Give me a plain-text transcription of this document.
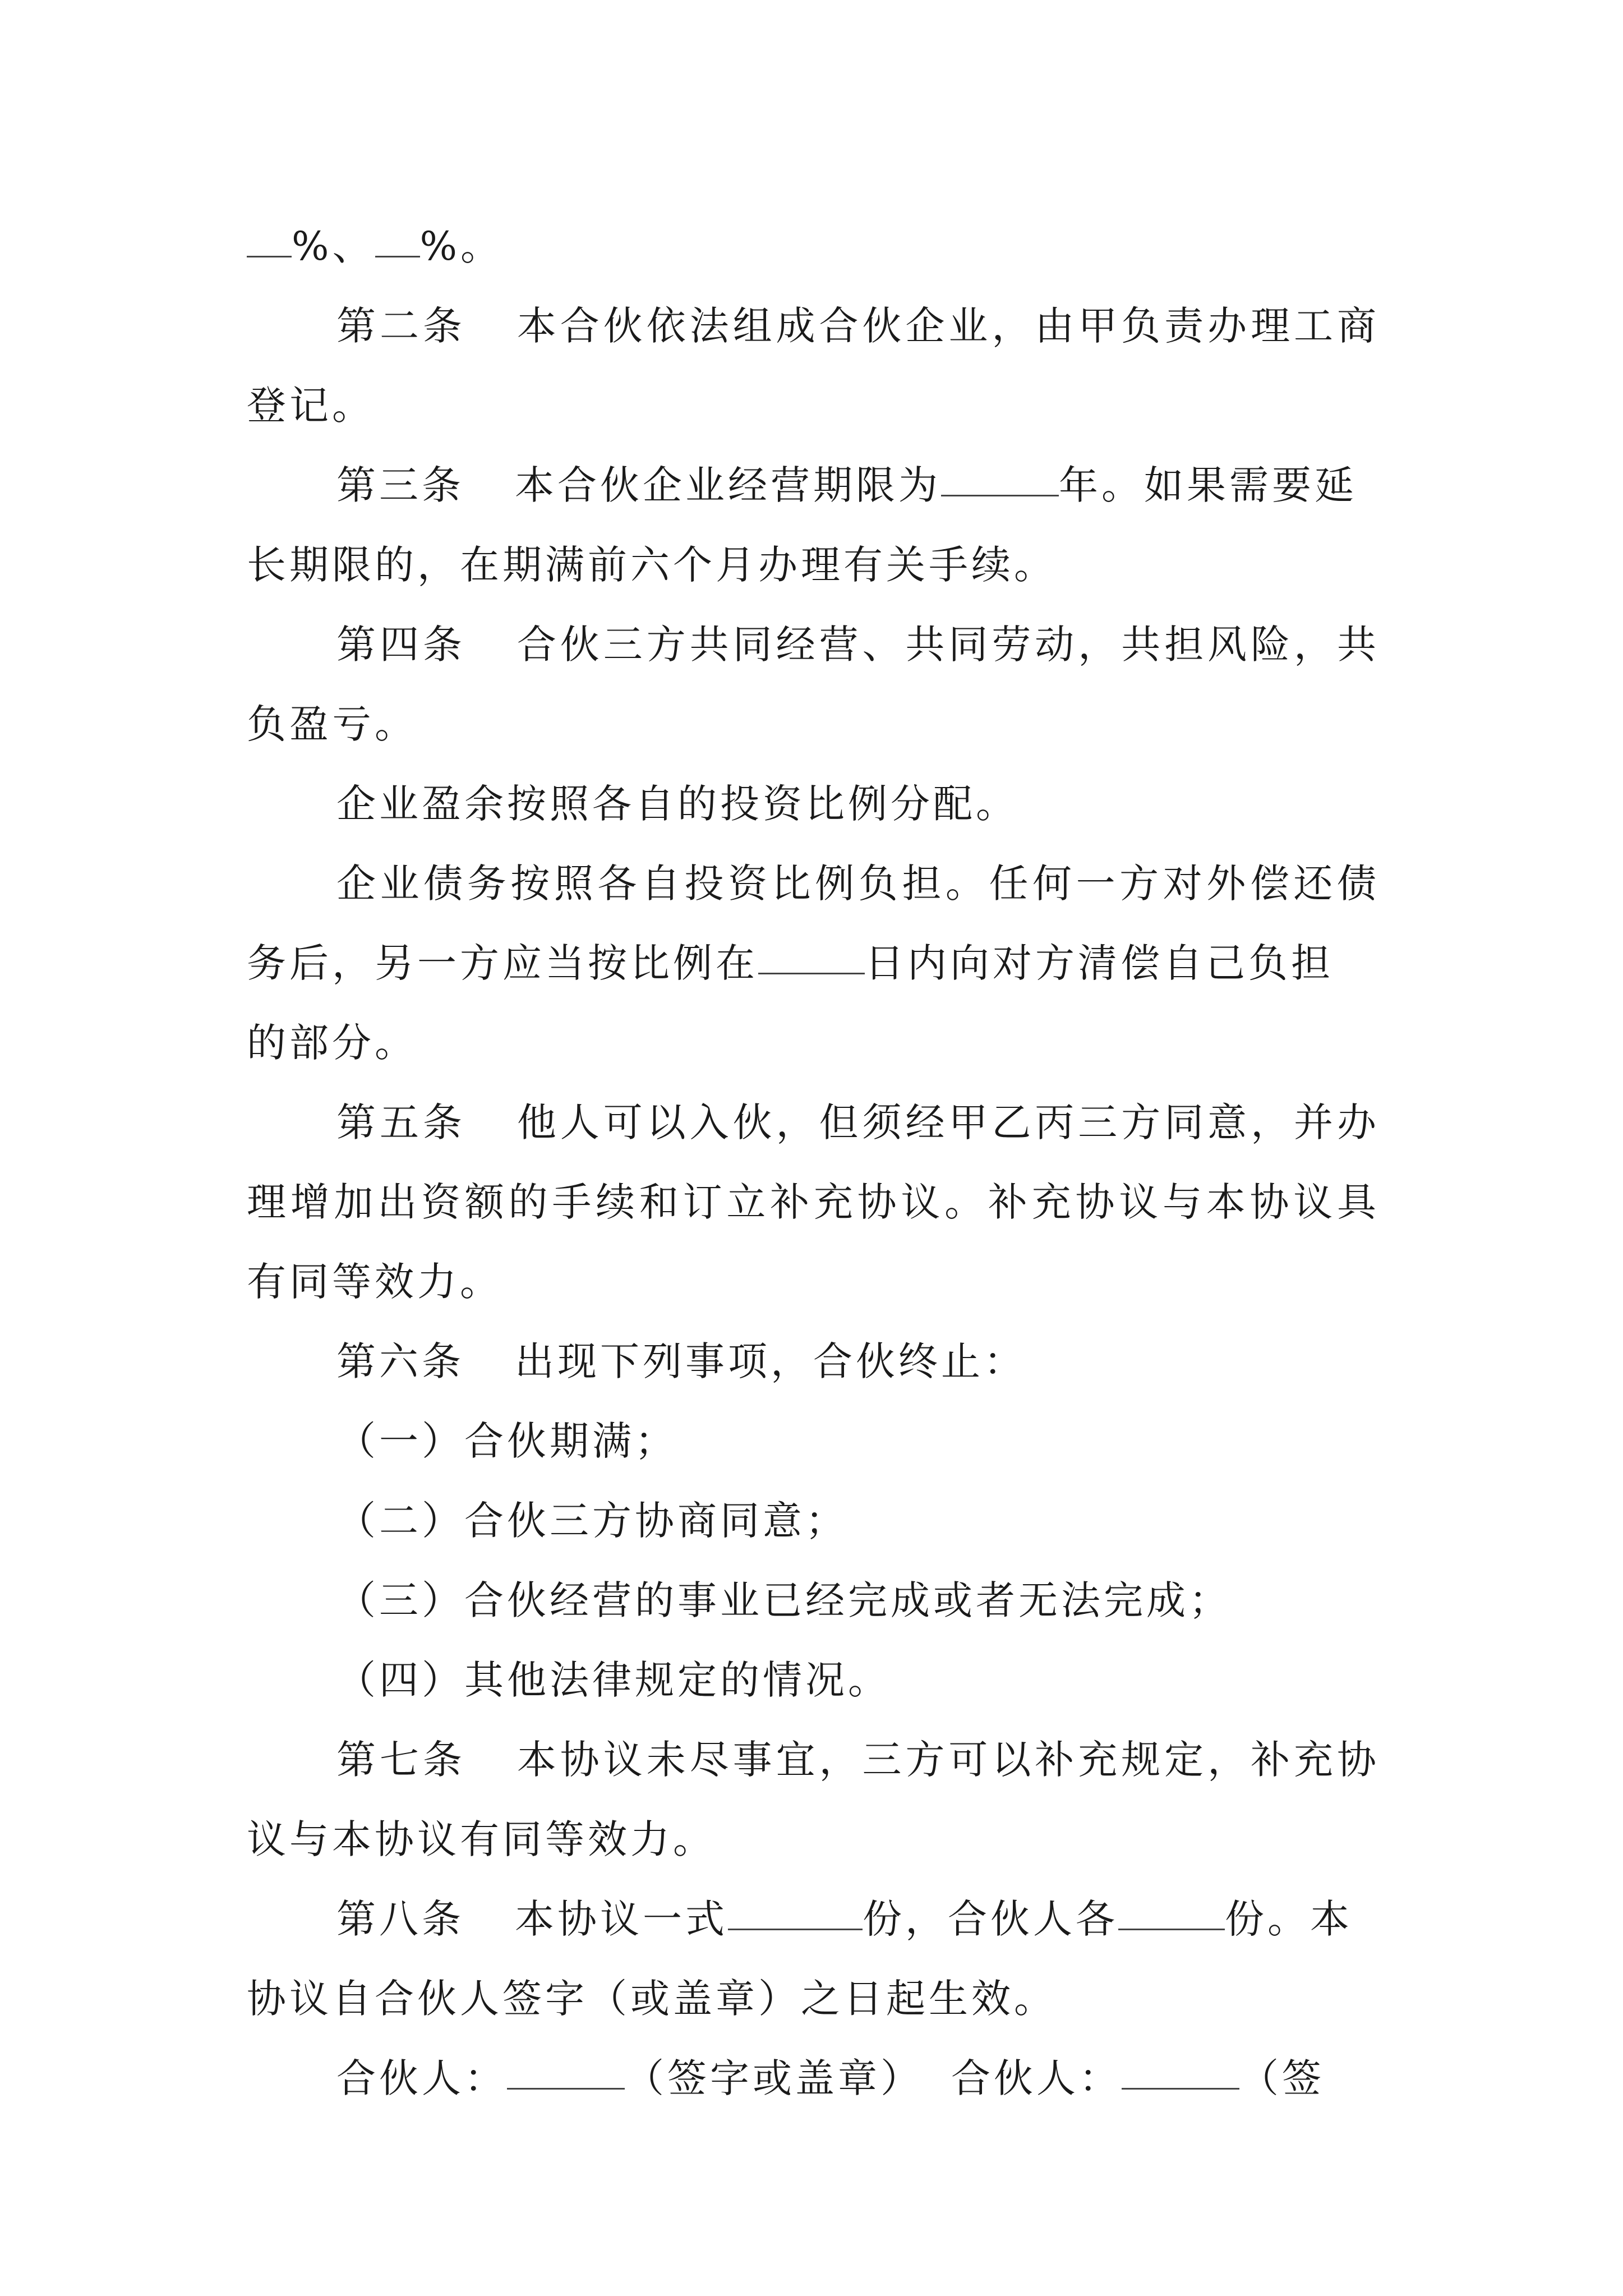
%、 %。
第二条 本合伙依法组成合伙企业，由甲负责办理工商
登记。
第三条 本合伙企业经营期限为	年。如果需要延
长期限的，在期满前六个月办理有关手续。
第四条 合伙三方共同经营、共同劳动，共担风险，共
负盈亏。
企业盈余按照各自的投资比例分配。
企业债务按照各自投资比例负担。任何一方对外偿还债
务后，另一方应当按比例在	日内向对方清偿自己负担
的部分。
第五条 他人可以入伙，但须经甲乙丙三方同意，并办
理增加出资额的手续和订立补充协议。补充协议与本协议具
有同等效力。
第六条 出现下列事项，合伙终止：
（一）合伙期满；
（二）合伙三方协商同意；
（三）合伙经营的事业已经完成或者无法完成；
（四）其他法律规定的情况。
第七条 本协议未尽事宜，三方可以补充规定，补充协
议与本协议有同等效力。
第八条 本协议一式	份，合伙人各	份。本
协议自合伙人签字（或盖章）之日起生效。
合伙人：	（签字或盖章） 合伙人：	（签
